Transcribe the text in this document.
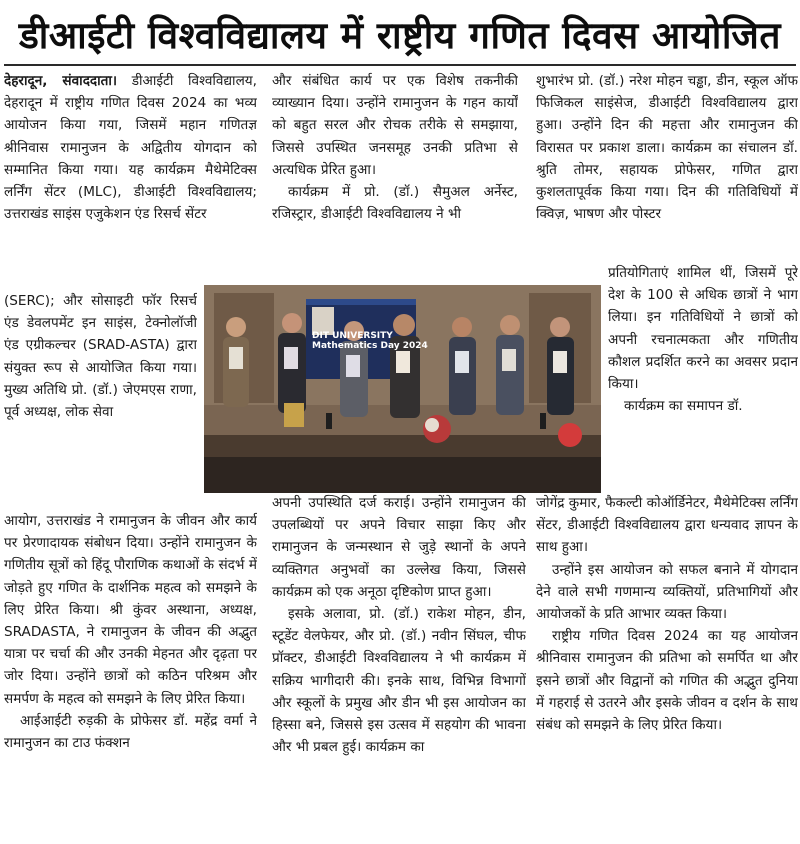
डीआईटी विश्वविद्यालय में राष्ट्रीय गणित दिवस आयोजित

देहरादून, संवाददाता। डीआईटी विश्वविद्यालय, देहरादून में राष्ट्रीय गणित दिवस 2024 का भव्य आयोजन किया गया, जिसमें महान गणितज्ञ श्रीनिवास रामानुजन के अद्वितीय योगदान को सम्मानित किया गया। यह कार्यक्रम मैथेमेटिक्स लर्निंग सेंटर (MLC), डीआईटी विश्वविद्यालय; उत्तराखंड साइंस एजुकेशन एंड रिसर्च सेंटर

(SERC); और सोसाइटी फॉर रिसर्च एंड डेवलपमेंट इन साइंस, टेक्नोलॉजी एंड एग्रीकल्चर (SRAD-ASTA) द्वारा संयुक्त रूप से आयोजित किया गया। मुख्य अतिथि प्रो. (डॉ.) जेएमएस राणा, पूर्व अध्यक्ष, लोक सेवा

आयोग, उत्तराखंड ने रामानुजन के जीवन और कार्य पर प्रेरणादायक संबोधन दिया। उन्होंने रामानुजन के गणितीय सूत्रों को हिंदू पौराणिक कथाओं के संदर्भ में जोड़ते हुए गणित के दार्शनिक महत्व को समझने के लिए प्रेरित किया। श्री कुंवर अस्थाना, अध्यक्ष, SRADASTA, ने रामानुजन के जीवन की अद्भुत यात्रा पर चर्चा की और उनकी मेहनत और दृढ़ता पर जोर दिया। उन्होंने छात्रों को कठिन परिश्रम और समर्पण के महत्व को समझने के लिए प्रेरित किया।

आईआईटी रुड़की के प्रोफेसर डॉ. महेंद्र वर्मा ने रामानुजन का टाउ फंक्शन

और संबंधित कार्य पर एक विशेष तकनीकी व्याख्यान दिया। उन्होंने रामानुजन के गहन कार्यों को बहुत सरल और रोचक तरीके से समझाया, जिससे उपस्थित जनसमूह उनकी प्रतिभा से अत्यधिक प्रेरित हुआ।

कार्यक्रम में प्रो. (डॉ.) सैमुअल अर्नेस्ट, रजिस्ट्रार, डीआईटी विश्वविद्यालय ने भी

अपनी उपस्थिति दर्ज कराई। उन्होंने रामानुजन की उपलब्धियों पर अपने विचार साझा किए और रामानुजन के जन्मस्थान से जुड़े स्थानों के अपने व्यक्तिगत अनुभवों का उल्लेख किया, जिससे कार्यक्रम को एक अनूठा दृष्टिकोण प्राप्त हुआ।

इसके अलावा, प्रो. (डॉ.) राकेश मोहन, डीन, स्टूडेंट वेलफेयर, और प्रो. (डॉ.) नवीन सिंघल, चीफ प्रॉक्टर, डीआईटी विश्वविद्यालय ने भी कार्यक्रम में सक्रिय भागीदारी की। इनके साथ, विभिन्न विभागों और स्कूलों के प्रमुख और डीन भी इस आयोजन का हिस्सा बने, जिससे इस उत्सव में सहयोग की भावना और भी प्रबल हुई। कार्यक्रम का

शुभारंभ प्रो. (डॉ.) नरेश मोहन चड्ढा, डीन, स्कूल ऑफ फिजिकल साइंसेज, डीआईटी विश्वविद्यालय द्वारा हुआ। उन्होंने दिन की महत्ता और रामानुजन की विरासत पर प्रकाश डाला। कार्यक्रम का संचालन डॉ. श्रुति तोमर, सहायक प्रोफेसर, गणित द्वारा कुशलतापूर्वक किया गया। दिन की गतिविधियों में क्विज़, भाषण और पोस्टर

प्रतियोगिताएं शामिल थीं, जिसमें पूरे देश के 100 से अधिक छात्रों ने भाग लिया। इन गतिविधियों ने छात्रों को अपनी रचनात्मकता और गणितीय कौशल प्रदर्शित करने का अवसर प्रदान किया।

कार्यक्रम का समापन डॉ.

जोगेंद्र कुमार, फैकल्टी कोऑर्डिनेटर, मैथेमेटिक्स लर्निंग सेंटर, डीआईटी विश्वविद्यालय द्वारा धन्यवाद ज्ञापन के साथ हुआ।

उन्होंने इस आयोजन को सफल बनाने में योगदान देने वाले सभी गणमान्य व्यक्तियों, प्रतिभागियों और आयोजकों के प्रति आभार व्यक्त किया।

राष्ट्रीय गणित दिवस 2024 का यह आयोजन श्रीनिवास रामानुजन की प्रतिभा को समर्पित था और इसने छात्रों और विद्वानों को गणित की अद्भुत दुनिया में गहराई से उतरने और इसके जीवन व दर्शन के साथ संबंध को समझने के लिए प्रेरित किया।

DIT UNIVERSITY
Mathematics Day 2024
